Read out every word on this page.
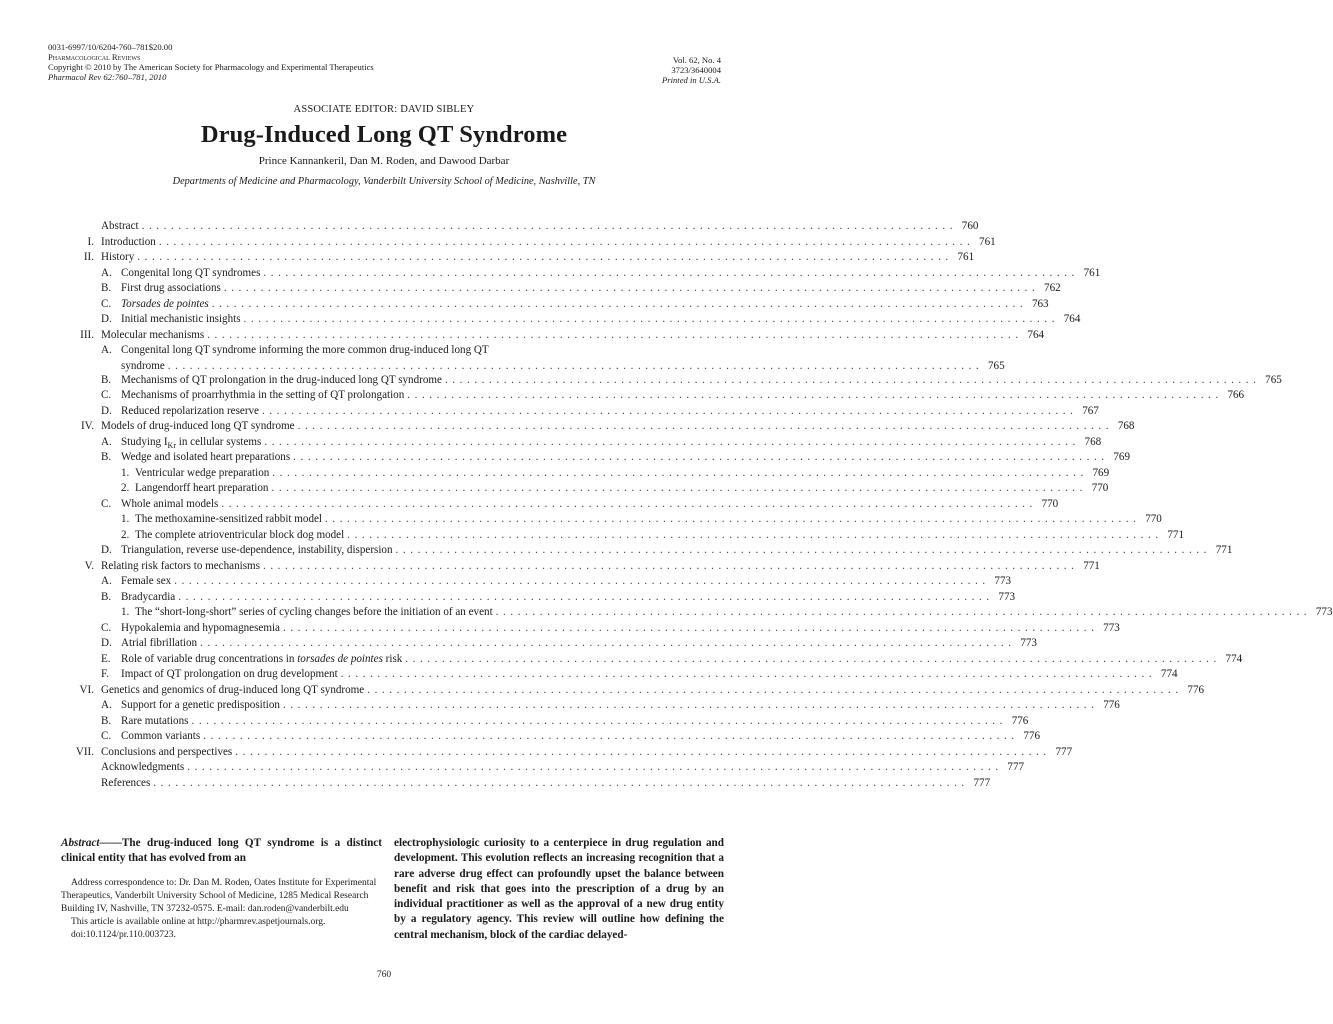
0031-6997/10/6204-760–781$20.00
Pharmacological Reviews
Copyright © 2010 by The American Society for Pharmacology and Experimental Therapeutics
Pharmacol Rev 62:760–781, 2010
Vol. 62, No. 4
3723/3640004
Printed in U.S.A.
ASSOCIATE EDITOR: DAVID SIBLEY
Drug-Induced Long QT Syndrome
Prince Kannankeril, Dan M. Roden, and Dawood Darbar
Departments of Medicine and Pharmacology, Vanderbilt University School of Medicine, Nashville, TN
Abstract . . . . . . . . . . . . . . . . . . . . . . . . . . . . . . . . . . . . . . . . . . . . . . . . . . . . . . . . . . . . . . . . . . . . . . . . . . . . . . . . . . . . . . . . . . . . . . . . . . . . . . . . . . . . . . . 760
I. Introduction . . . . . . . . . . . . . . . . . . . . . . . . . . . . . . . . . . . . . . . . . . . . . . . . . . . . . . . . . . . . . . . . . . . . . . . . . . . . . . . . . . . . . . . . . . . . . . . . . . . . . . . . . . . . . . . 761
II. History . . . . . . . . . . . . . . . . . . . . . . . . . . . . . . . . . . . . . . . . . . . . . . . . . . . . . . . . . . . . . . . . . . . . . . . . . . . . . . . . . . . . . . . . . . . . . . . . . . . . . . . . . . . . . . . 761
A. Congenital long QT syndromes . . . . . . . . . . . . . . . . . . . . . . . . . . . . . . . . . . . . . . . . . . . . . . . . . . . . . . . . . . . . . . . . . . . . . . . . . . . . . . . . . . . . . . . . . . . . . . . . . . . . . . . . . . . . . . . 761
B. First drug associations . . . . . . . . . . . . . . . . . . . . . . . . . . . . . . . . . . . . . . . . . . . . . . . . . . . . . . . . . . . . . . . . . . . . . . . . . . . . . . . . . . . . . . . . . . . . . . . . . . . . . . . . . . . . . . . 762
C. Torsades de pointes . . . . . . . . . . . . . . . . . . . . . . . . . . . . . . . . . . . . . . . . . . . . . . . . . . . . . . . . . . . . . . . . . . . . . . . . . . . . . . . . . . . . . . . . . . . . . . . . . . . . . . . . . . . . . . . 763
D. Initial mechanistic insights . . . . . . . . . . . . . . . . . . . . . . . . . . . . . . . . . . . . . . . . . . . . . . . . . . . . . . . . . . . . . . . . . . . . . . . . . . . . . . . . . . . . . . . . . . . . . . . . . . . . . . . . . . . . . . . 764
III. Molecular mechanisms . . . . . . . . . . . . . . . . . . . . . . . . . . . . . . . . . . . . . . . . . . . . . . . . . . . . . . . . . . . . . . . . . . . . . . . . . . . . . . . . . . . . . . . . . . . . . . . . . . . . . . . . . . . . . . . 764
A. Congenital long QT syndrome informing the more common drug-induced long QT
syndrome . . . . . . . . . . . . . . . . . . . . . . . . . . . . . . . . . . . . . . . . . . . . . . . . . . . . . . . . . . . . . . . . . . . . . . . . . . . . . . . . . . . . . . . . . . . . . . . . . . . . . . . . . . . . . . . 765
B. Mechanisms of QT prolongation in the drug-induced long QT syndrome . . . . . . . . . . . . . . . . . . . . . . . . . . . . . . . . . . . . . . . . . . . . . . . . . . . . . . . . . . . . . . . . . . . . . . . . . . . . . . . . . . . . . . . . . . . . . . . . . . . . . . . . . . . . . . . 765
C. Mechanisms of proarrhythmia in the setting of QT prolongation . . . . . . . . . . . . . . . . . . . . . . . . . . . . . . . . . . . . . . . . . . . . . . . . . . . . . . . . . . . . . . . . . . . . . . . . . . . . . . . . . . . . . . . . . . . . . . . . . . . . . . . . . . . . . . . 766
D. Reduced repolarization reserve . . . . . . . . . . . . . . . . . . . . . . . . . . . . . . . . . . . . . . . . . . . . . . . . . . . . . . . . . . . . . . . . . . . . . . . . . . . . . . . . . . . . . . . . . . . . . . . . . . . . . . . . . . . . . . . 767
IV. Models of drug-induced long QT syndrome . . . . . . . . . . . . . . . . . . . . . . . . . . . . . . . . . . . . . . . . . . . . . . . . . . . . . . . . . . . . . . . . . . . . . . . . . . . . . . . . . . . . . . . . . . . . . . . . . . . . . . . . . . . . . . . 768
A. Studying $I_{Kr}$ in cellular systems . . . . . . . . . . . . . . . . . . . . . . . . . . . . . . . . . . . . . . . . . . . . . . . . . . . . . . . . . . . . . . . . . . . . . . . . . . . . . . . . . . . . . . . . . . . . . . . . . . . . . . . . . . . . . . . 768
B. Wedge and isolated heart preparations . . . . . . . . . . . . . . . . . . . . . . . . . . . . . . . . . . . . . . . . . . . . . . . . . . . . . . . . . . . . . . . . . . . . . . . . . . . . . . . . . . . . . . . . . . . . . . . . . . . . . . . . . . . . . . . 769
1. Ventricular wedge preparation . . . . . . . . . . . . . . . . . . . . . . . . . . . . . . . . . . . . . . . . . . . . . . . . . . . . . . . . . . . . . . . . . . . . . . . . . . . . . . . . . . . . . . . . . . . . . . . . . . . . . . . . . . . . . . . 769
2. Langendorff heart preparation . . . . . . . . . . . . . . . . . . . . . . . . . . . . . . . . . . . . . . . . . . . . . . . . . . . . . . . . . . . . . . . . . . . . . . . . . . . . . . . . . . . . . . . . . . . . . . . . . . . . . . . . . . . . . . . 770
C. Whole animal models . . . . . . . . . . . . . . . . . . . . . . . . . . . . . . . . . . . . . . . . . . . . . . . . . . . . . . . . . . . . . . . . . . . . . . . . . . . . . . . . . . . . . . . . . . . . . . . . . . . . . . . . . . . . . . . 770
1. The methoxamine-sensitized rabbit model . . . . . . . . . . . . . . . . . . . . . . . . . . . . . . . . . . . . . . . . . . . . . . . . . . . . . . . . . . . . . . . . . . . . . . . . . . . . . . . . . . . . . . . . . . . . . . . . . . . . . . . . . . . . . . . 770
2. The complete atrioventricular block dog model . . . . . . . . . . . . . . . . . . . . . . . . . . . . . . . . . . . . . . . . . . . . . . . . . . . . . . . . . . . . . . . . . . . . . . . . . . . . . . . . . . . . . . . . . . . . . . . . . . . . . . . . . . . . . . . 771
D. Triangulation, reverse use-dependence, instability, dispersion . . . . . . . . . . . . . . . . . . . . . . . . . . . . . . . . . . . . . . . . . . . . . . . . . . . . . . . . . . . . . . . . . . . . . . . . . . . . . . . . . . . . . . . . . . . . . . . . . . . . . . . . . . . . . . . 771
V. Relating risk factors to mechanisms . . . . . . . . . . . . . . . . . . . . . . . . . . . . . . . . . . . . . . . . . . . . . . . . . . . . . . . . . . . . . . . . . . . . . . . . . . . . . . . . . . . . . . . . . . . . . . . . . . . . . . . . . . . . . . . 771
A. Female sex . . . . . . . . . . . . . . . . . . . . . . . . . . . . . . . . . . . . . . . . . . . . . . . . . . . . . . . . . . . . . . . . . . . . . . . . . . . . . . . . . . . . . . . . . . . . . . . . . . . . . . . . . . . . . . . 773
B. Bradycardia . . . . . . . . . . . . . . . . . . . . . . . . . . . . . . . . . . . . . . . . . . . . . . . . . . . . . . . . . . . . . . . . . . . . . . . . . . . . . . . . . . . . . . . . . . . . . . . . . . . . . . . . . . . . . . . 773
1. The “short-long-short” series of cycling changes before the initiation of an event . . . . . . . . . . . . . . . . . . . . . . . . . . . . . . . . . . . . . . . . . . . . . . . . . . . . . . . . . . . . . . . . . . . . . . . . . . . . . . . . . . . . . . . . . . . . . . . . . . . . . . . . . . . . . . . 773
C. Hypokalemia and hypomagnesemia . . . . . . . . . . . . . . . . . . . . . . . . . . . . . . . . . . . . . . . . . . . . . . . . . . . . . . . . . . . . . . . . . . . . . . . . . . . . . . . . . . . . . . . . . . . . . . . . . . . . . . . . . . . . . . . 773
D. Atrial fibrillation . . . . . . . . . . . . . . . . . . . . . . . . . . . . . . . . . . . . . . . . . . . . . . . . . . . . . . . . . . . . . . . . . . . . . . . . . . . . . . . . . . . . . . . . . . . . . . . . . . . . . . . . . . . . . . . 773
E. Role of variable drug concentrations in torsades de pointes risk . . . . . . . . . . . . . . . . . . . . . . . . . . . . . . . . . . . . . . . . . . . . . . . . . . . . . . . . . . . . . . . . . . . . . . . . . . . . . . . . . . . . . . . . . . . . . . . . . . . . . . . . . . . . . . . 774
F. Impact of QT prolongation on drug development . . . . . . . . . . . . . . . . . . . . . . . . . . . . . . . . . . . . . . . . . . . . . . . . . . . . . . . . . . . . . . . . . . . . . . . . . . . . . . . . . . . . . . . . . . . . . . . . . . . . . . . . . . . . . . . 774
VI. Genetics and genomics of drug-induced long QT syndrome . . . . . . . . . . . . . . . . . . . . . . . . . . . . . . . . . . . . . . . . . . . . . . . . . . . . . . . . . . . . . . . . . . . . . . . . . . . . . . . . . . . . . . . . . . . . . . . . . . . . . . . . . . . . . . . 776
A. Support for a genetic predisposition . . . . . . . . . . . . . . . . . . . . . . . . . . . . . . . . . . . . . . . . . . . . . . . . . . . . . . . . . . . . . . . . . . . . . . . . . . . . . . . . . . . . . . . . . . . . . . . . . . . . . . . . . . . . . . . 776
B. Rare mutations . . . . . . . . . . . . . . . . . . . . . . . . . . . . . . . . . . . . . . . . . . . . . . . . . . . . . . . . . . . . . . . . . . . . . . . . . . . . . . . . . . . . . . . . . . . . . . . . . . . . . . . . . . . . . . . 776
C. Common variants . . . . . . . . . . . . . . . . . . . . . . . . . . . . . . . . . . . . . . . . . . . . . . . . . . . . . . . . . . . . . . . . . . . . . . . . . . . . . . . . . . . . . . . . . . . . . . . . . . . . . . . . . . . . . . . 776
VII. Conclusions and perspectives . . . . . . . . . . . . . . . . . . . . . . . . . . . . . . . . . . . . . . . . . . . . . . . . . . . . . . . . . . . . . . . . . . . . . . . . . . . . . . . . . . . . . . . . . . . . . . . . . . . . . . . . . . . . . . . 777
Acknowledgments . . . . . . . . . . . . . . . . . . . . . . . . . . . . . . . . . . . . . . . . . . . . . . . . . . . . . . . . . . . . . . . . . . . . . . . . . . . . . . . . . . . . . . . . . . . . . . . . . . . . . . . . . . . . . . . 777
References . . . . . . . . . . . . . . . . . . . . . . . . . . . . . . . . . . . . . . . . . . . . . . . . . . . . . . . . . . . . . . . . . . . . . . . . . . . . . . . . . . . . . . . . . . . . . . . . . . . . . . . . . . . . . . . 777
Abstract——The drug-induced long QT syndrome is a distinct clinical entity that has evolved from an

Address correspondence to: Dr. Dan M. Roden, Oates Institute for Experimental Therapeutics, Vanderbilt University School of Medicine, 1285 Medical Research Building IV, Nashville, TN 37232-0575. E-mail: dan.roden@vanderbilt.edu

This article is available online at http://pharmrev.aspetjournals.org.

doi:10.1124/pr.110.003723.

electrophysiologic curiosity to a centerpiece in drug regulation and development. This evolution reflects an increasing recognition that a rare adverse drug effect can profoundly upset the balance between benefit and risk that goes into the prescription of a drug by an individual practitioner as well as the approval of a new drug entity by a regulatory agency. This review will outline how defining the central mechanism, block of the cardiac delayed-
760
